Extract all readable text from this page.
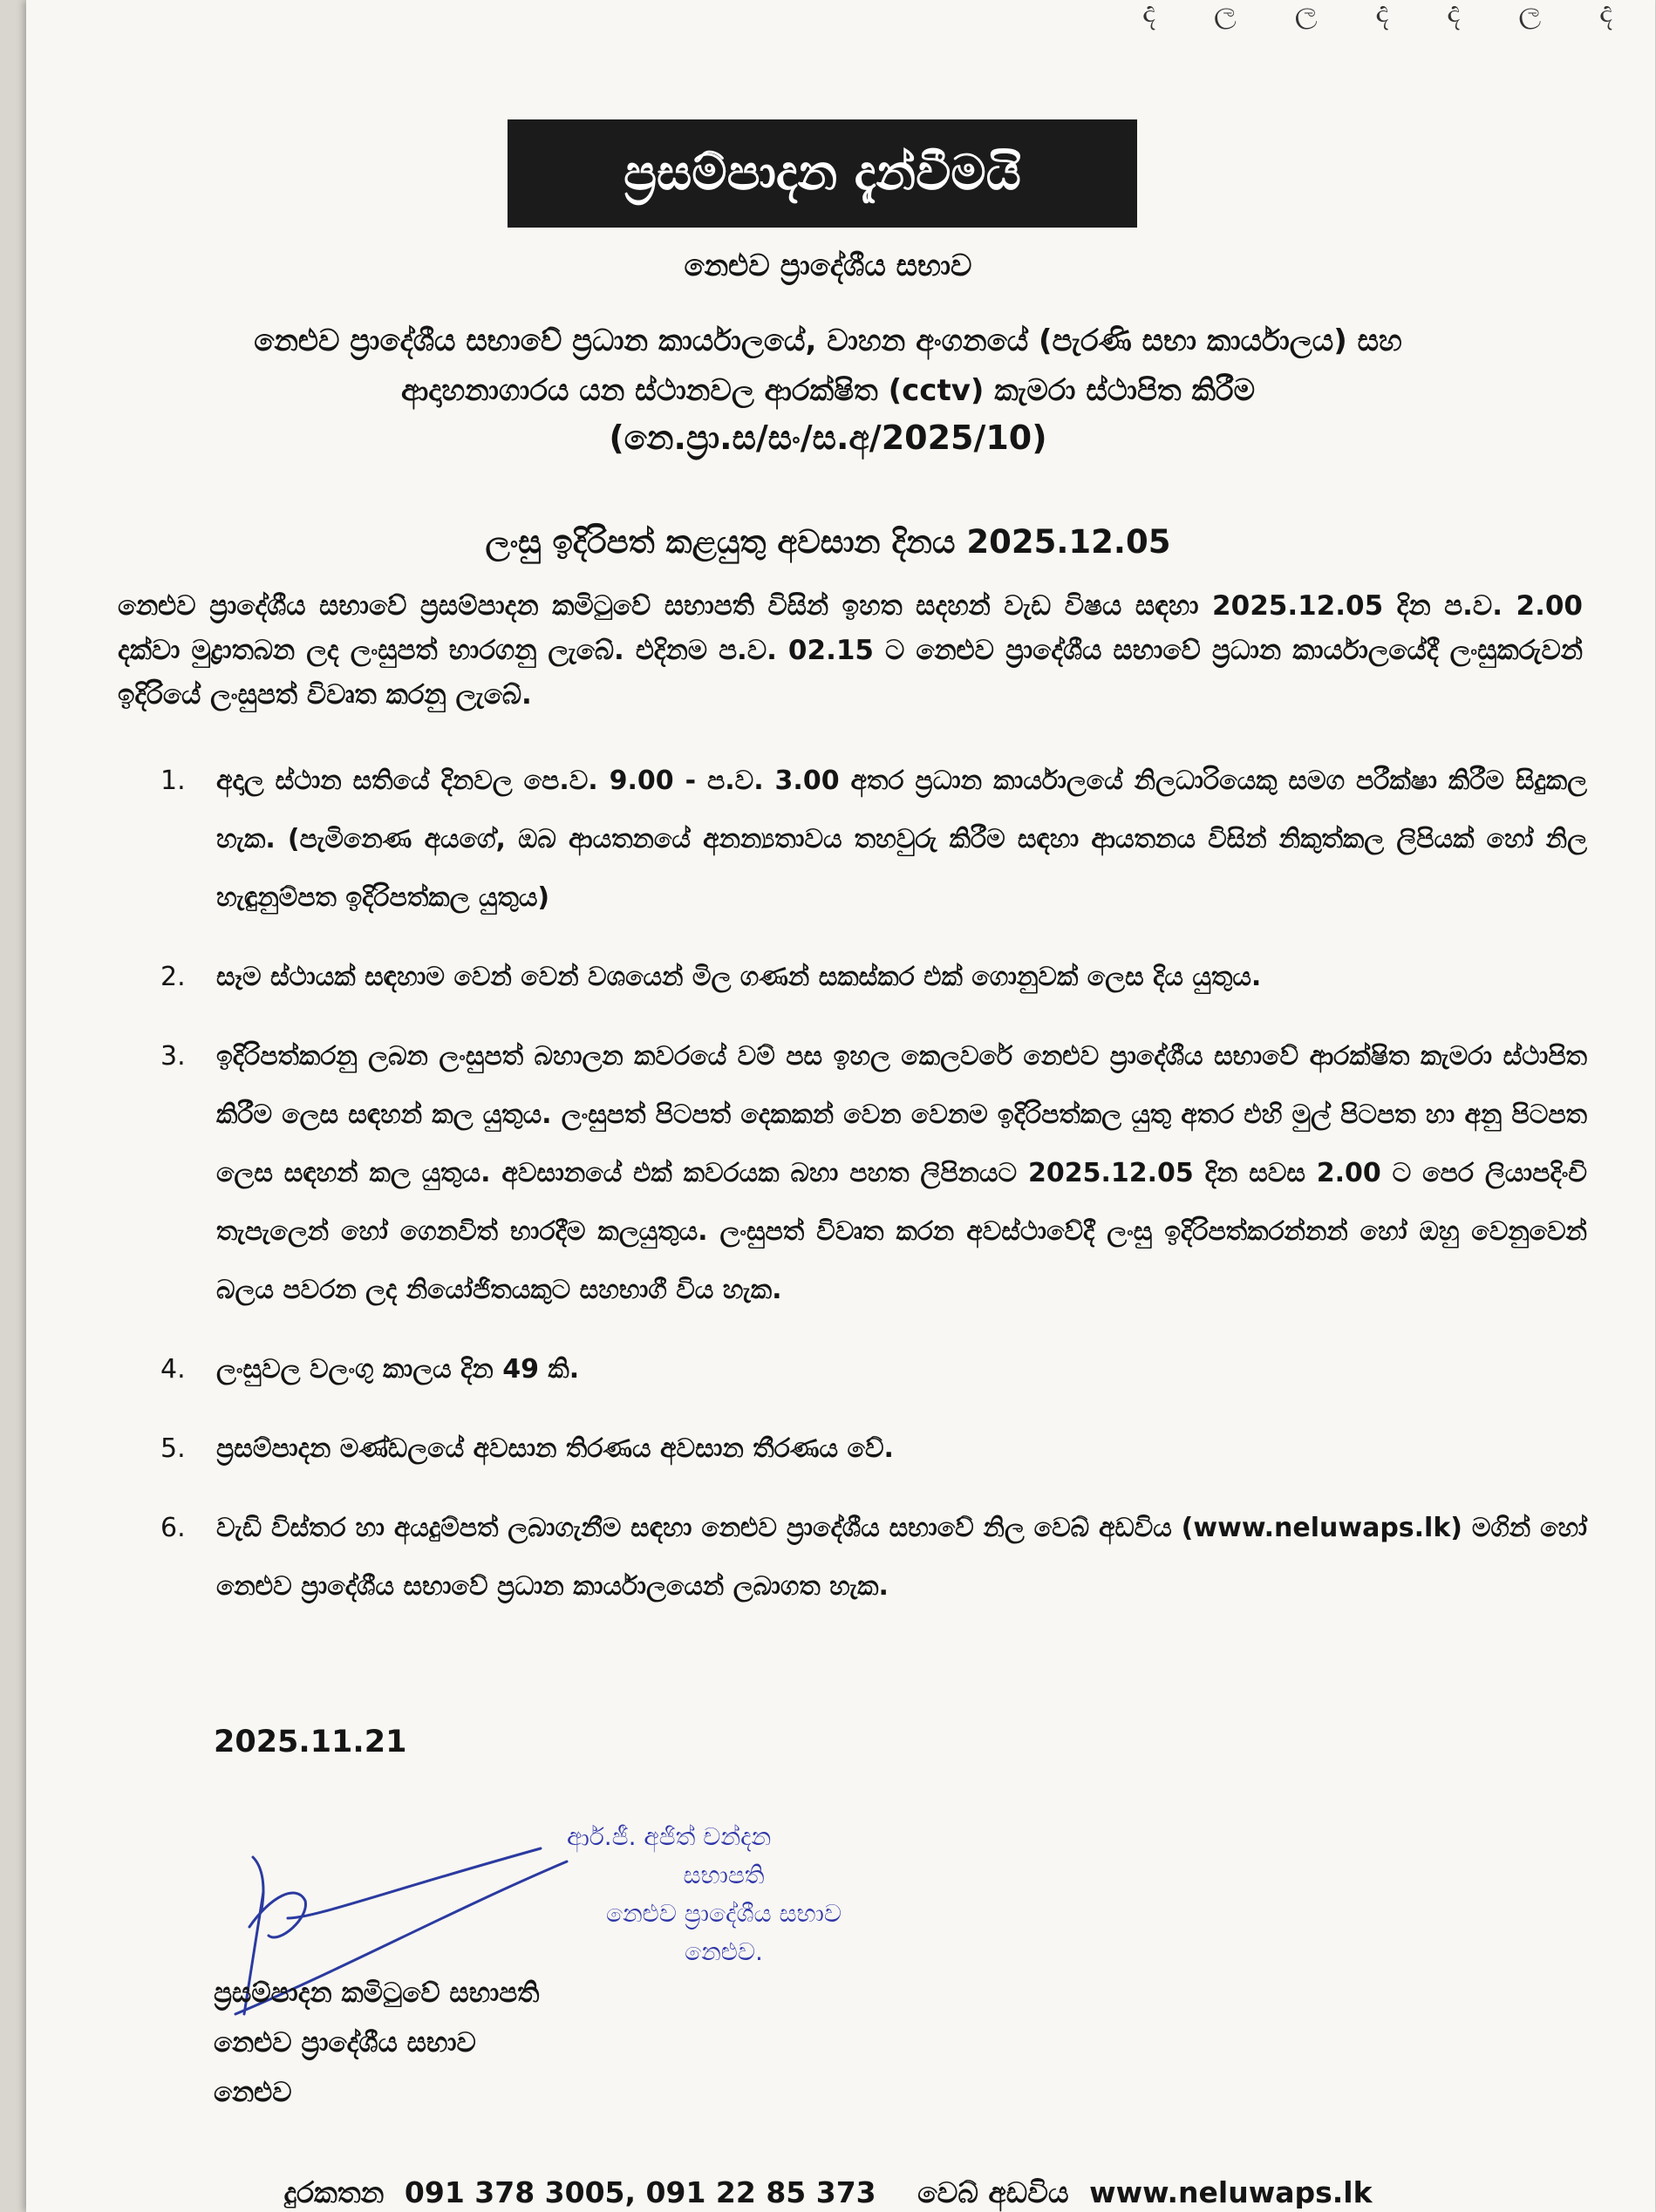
ද ල ල ද ද ල ද
ප්‍රසම්පාදන දැන්වීමයි
නෙළුව ප්‍රාදේශීය සභාව
නෙළුව ප්‍රාදේශීය සභාවේ ප්‍රධාන කාර්යාලයේ, වාහන අංගනයේ (පැරණි සභා කාර්යාලය) සහ
ආදාහනාගාරය යන ස්ථානවල ආරක්ෂිත (cctv) කැමරා ස්ථාපිත කිරීම
(නෙ.ප්‍රා.ස/සං/ස.අ/2025/10)
ලංසු ඉදිරිපත් කළයුතු අවසාන දිනය 2025.12.05
නෙළුව ප්‍රාදේශීය සභාවේ ප්‍රසම්පාදන කමිටුවේ සභාපති විසින් ඉහත සදහන් වැඩ විෂය සඳහා 2025.12.05 දින ප.ව. 2.00 දක්වා මුද්‍රාතබන ලද ලංසුපත් භාරගනු ලැබේ. එදිනම ප.ව. 02.15 ට නෙළුව ප්‍රාදේශීය සභාවේ ප්‍රධාන කාර්යාලයේදී ලංසුකරුවන් ඉදිරියේ ලංසුපත් විවෘත කරනු ලැබේ.
1. අදාල ස්ථාන සතියේ දිනවල පෙ.ව. 9.00 - ප.ව. 3.00 අතර ප්‍රධාන කාර්යාලයේ නිලධාරියෙකු සමග පරීක්ෂා කිරීම සිදුකල හැක. (පැමිනෙණ අයගේ, ඔබ ආයතනයේ අනන්‍යතාවය තහවුරු කිරීම සඳහා ආයතනය විසින් නිකුත්කල ලිපියක් හෝ නිල හැඳුනුම්පත ඉදිරිපත්කල යුතුය)
2. සෑම ස්ථායක් සඳහාම වෙන් වෙන් වශයෙන් මිල ගණන් සකස්කර එක් ගොනුවක් ලෙස දිය යුතුය.
3. ඉදිරිපත්කරනු ලබන ලංසුපත් බහාලන කවරයේ වම් පස ඉහල කෙලවරේ නෙළුව ප්‍රාදේශීය සභාවේ ආරක්ෂිත කැමරා ස්ථාපිත කිරීම ලෙස සඳහන් කල යුතුය. ලංසුපත් පිටපත් දෙකකන් වෙන වෙනම ඉදිරිපත්කල යුතු අතර එහි මුල් පිටපත හා අනු පිටපත ලෙස සඳහන් කල යුතුය. අවසානයේ එක් කවරයක බහා පහත ලිපිනයට 2025.12.05 දින සවස 2.00 ට පෙර ලියාපදිංචි තැපැලෙන් හෝ ගෙනවිත් භාරදීම කලයුතුය. ලංසුපත් විවෘත කරන අවස්ථාවේදී ලංසු ඉදිරිපත්කරන්නන් හෝ ඔහු වෙනුවෙන් බලය පවරන ලද නියෝජිතයකුට සහභාගී විය හැක.
4. ලංසුවල වලංගු කාලය දින 49 කි.
5. ප්‍රසම්පාදන මණ්ඩලයේ අවසාන තිරණය අවසාන තීරණය වේ.
6. වැඩි විස්තර හා අයදුම්පත් ලබාගැනීම සඳහා නෙළුව ප්‍රාදේශීය සභාවේ නිල වෙබ් අඩවිය (www.neluwaps.lk) මගින් හෝ නෙළුව ප්‍රාදේශීය සභාවේ ප්‍රධාන කාර්යාලයෙන් ලබාගත හැක.
2025.11.21
ආර්.ජී. අජිත් චන්දන
සභාපති
නෙළුව ප්‍රාදේශීය සභාව
නෙළුව.
ප්‍රසම්පාදන කමිටුවේ සභාපති
නෙළුව ප්‍රාදේශීය සභාව
නෙළුව
දුරකතන 091 378 3005, 091 22 85 373 වෙබ් අඩවිය www.neluwaps.lk
